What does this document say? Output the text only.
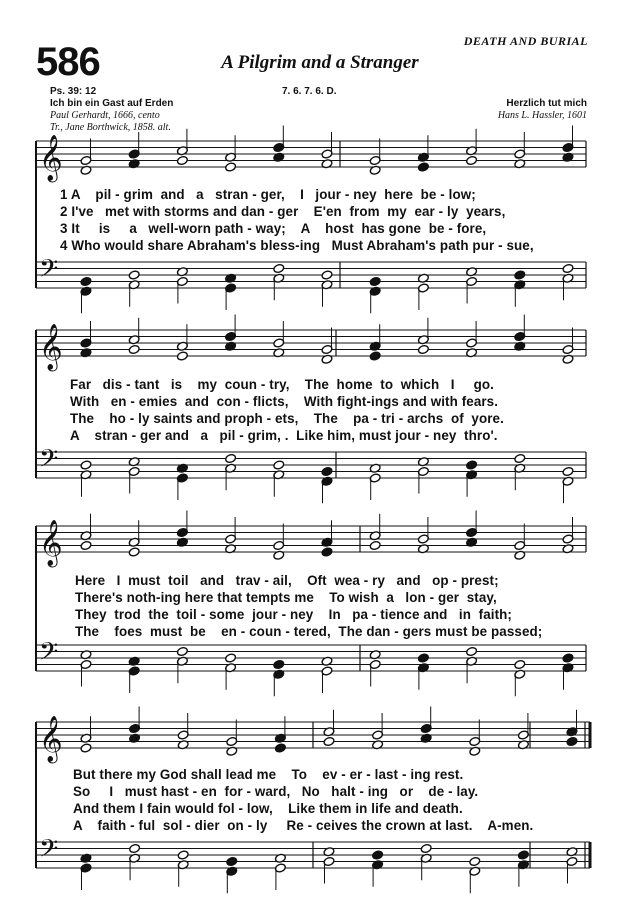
586	DEATH AND BURIAL
A Pilgrim and a Stranger
Ps. 39: 12
Ich bin ein Gast auf Erden
Paul Gerhardt, 1666, cento
Tr., Jane Borthwick, 1858. alt.
7. 6. 7. 6. D.
Herzlich tut mich
Hans L. Hassler, 1601
𝄞
𝄢
𝄞
𝄢
𝄞
𝄢
𝄞
𝄢
1 A    pil - grim  and   a   stran - ger,    I   jour - ney  here  be - low;
2 I've   met with storms and dan - ger    E'en  from  my  ear - ly  years,
3 It     is     a   well-worn path - way;    A    host  has gone  be - fore,
4 Who would share Abraham's bless-ing   Must Abraham's path pur - sue,
Far   dis - tant   is    my  coun - try,    The  home  to  which   I     go.
With   en - emies  and  con - flicts,    With fight-ings and with fears.
The    ho - ly saints and proph - ets,    The    pa - tri - archs  of  yore.
A    stran - ger and   a   pil - grim, .  Like him, must jour - ney  thro'.
Here   I  must  toil   and   trav - ail,    Oft  wea - ry   and   op - prest;
There's noth-ing here that tempts me    To wish  a   lon - ger  stay,
They  trod  the  toil - some  jour - ney    In   pa - tience and   in  faith;
The    foes  must  be    en - coun - tered,  The dan - gers must be passed;
But there my God shall lead me    To    ev - er - last - ing rest.
So     I   must hast - en  for - ward,   No   halt - ing   or    de - lay.
And them I fain would fol - low,    Like them in life and death.
A    faith - ful  sol - dier  on - ly     Re - ceives the crown at last.    A-men.
